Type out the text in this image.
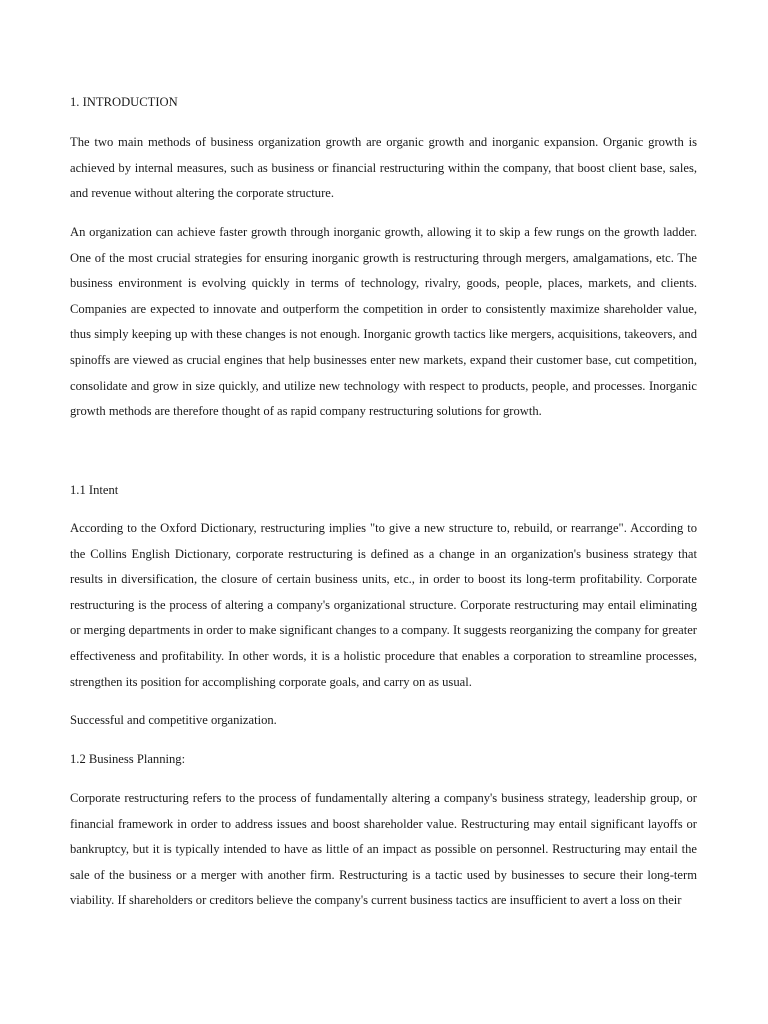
1. INTRODUCTION

The two main methods of business organization growth are organic growth and inorganic expansion. Organic growth is achieved by internal measures, such as business or financial restructuring within the company, that boost client base, sales, and revenue without altering the corporate structure.

An organization can achieve faster growth through inorganic growth, allowing it to skip a few rungs on the growth ladder. One of the most crucial strategies for ensuring inorganic growth is restructuring through mergers, amalgamations, etc. The business environment is evolving quickly in terms of technology, rivalry, goods, people, places, markets, and clients. Companies are expected to innovate and outperform the competition in order to consistently maximize shareholder value, thus simply keeping up with these changes is not enough. Inorganic growth tactics like mergers, acquisitions, takeovers, and spinoffs are viewed as crucial engines that help businesses enter new markets, expand their customer base, cut competition, consolidate and grow in size quickly, and utilize new technology with respect to products, people, and processes. Inorganic growth methods are therefore thought of as rapid company restructuring solutions for growth.

1.1 Intent

According to the Oxford Dictionary, restructuring implies "to give a new structure to, rebuild, or rearrange". According to the Collins English Dictionary, corporate restructuring is defined as a change in an organization's business strategy that results in diversification, the closure of certain business units, etc., in order to boost its long-term profitability. Corporate restructuring is the process of altering a company's organizational structure. Corporate restructuring may entail eliminating or merging departments in order to make significant changes to a company. It suggests reorganizing the company for greater effectiveness and profitability. In other words, it is a holistic procedure that enables a corporation to streamline processes, strengthen its position for accomplishing corporate goals, and carry on as usual.

Successful and competitive organization.

1.2 Business Planning:

Corporate restructuring refers to the process of fundamentally altering a company's business strategy, leadership group, or financial framework in order to address issues and boost shareholder value. Restructuring may entail significant layoffs or bankruptcy, but it is typically intended to have as little of an impact as possible on personnel. Restructuring may entail the sale of the business or a merger with another firm. Restructuring is a tactic used by businesses to secure their long-term viability. If shareholders or creditors believe the company's current business tactics are insufficient to avert a loss on their
